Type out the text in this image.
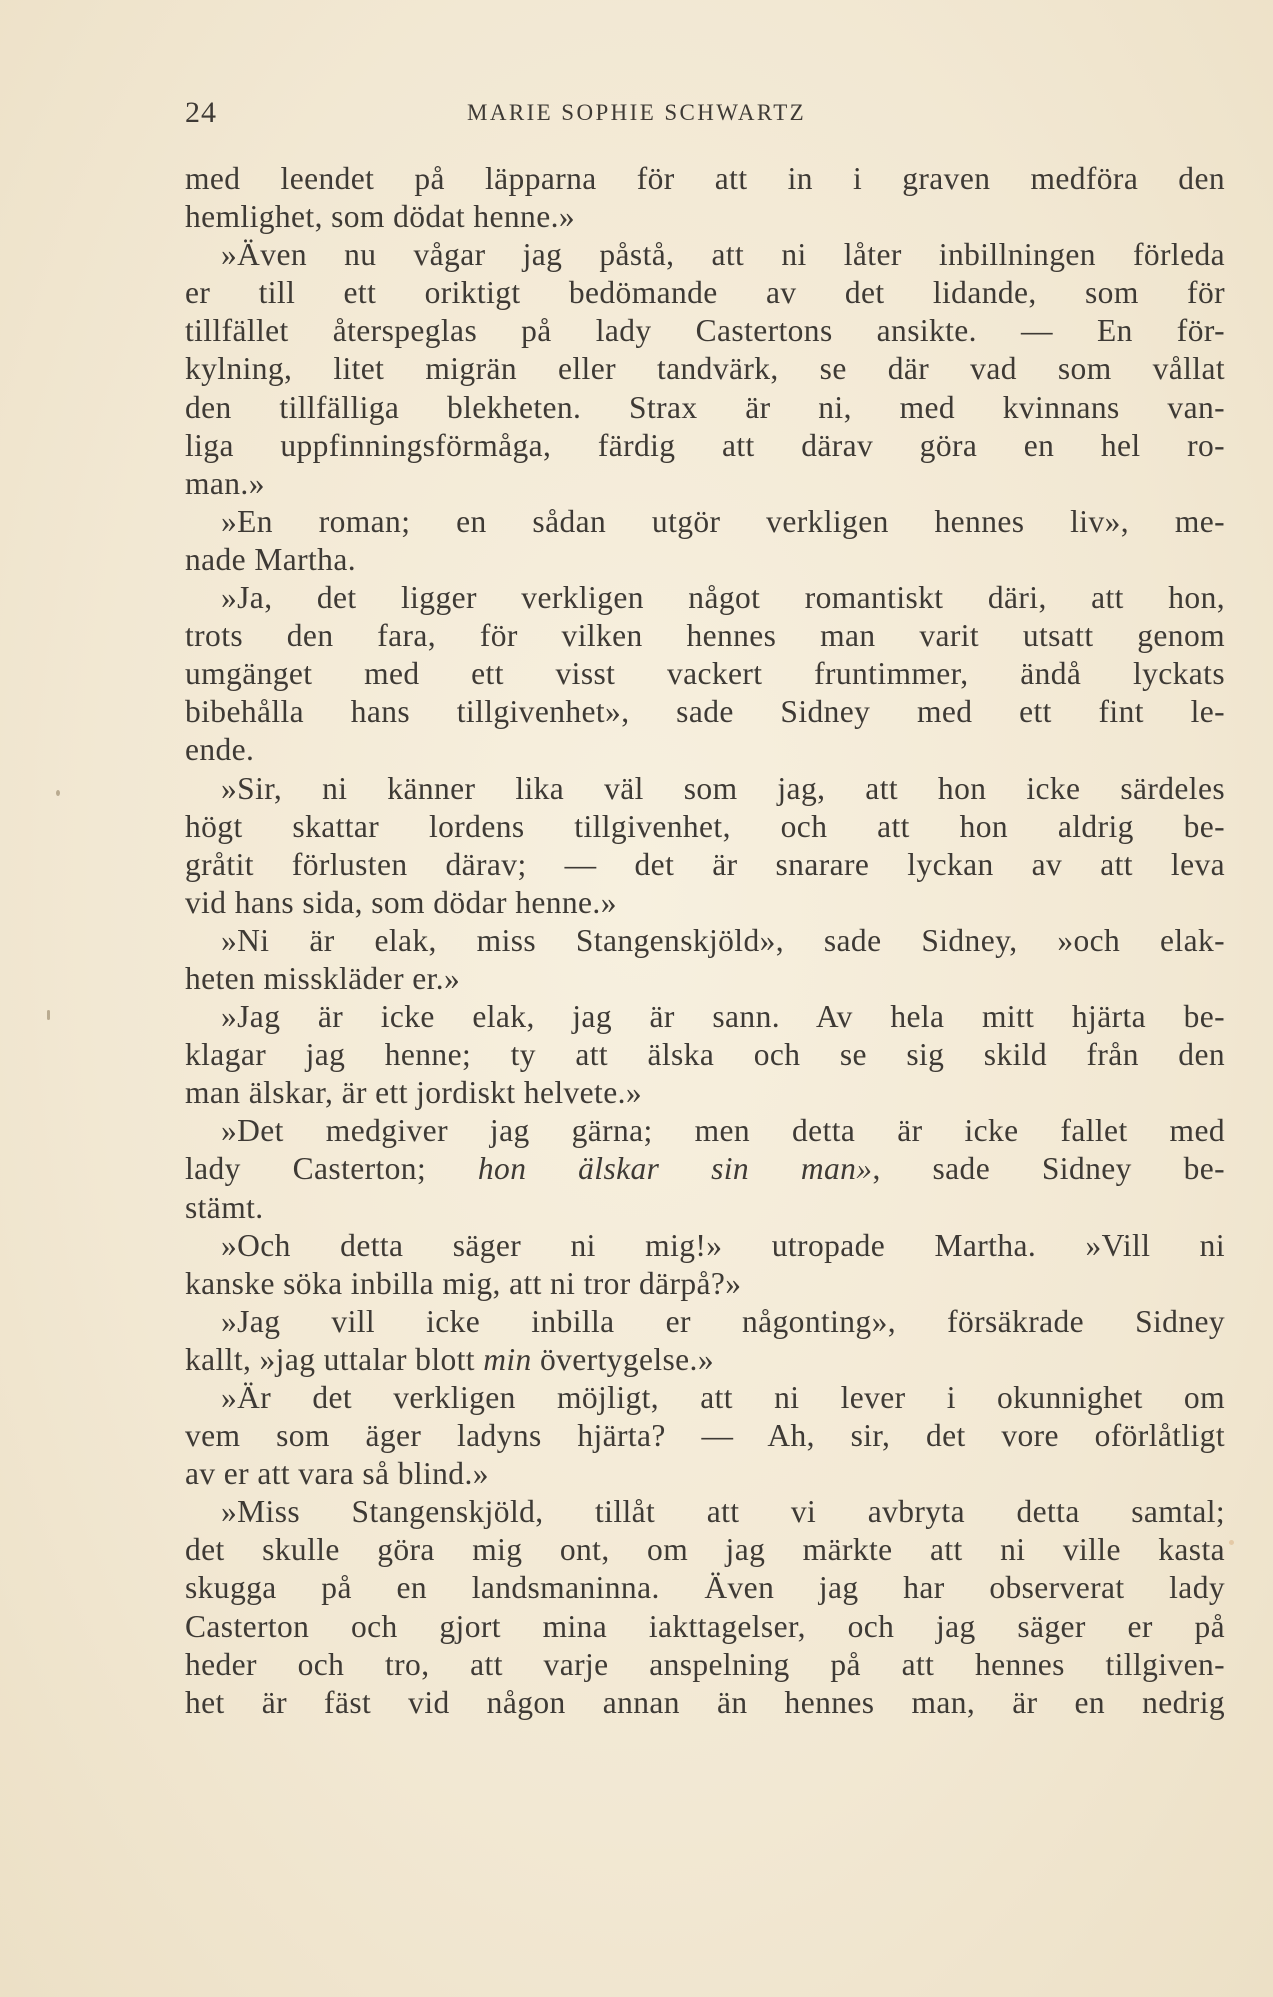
24	MARIE SOPHIE SCHWARTZ
med leendet på läpparna för att in i graven medföra den
hemlighet, som dödat henne.»
»Även nu vågar jag påstå, att ni låter inbillningen förleda
er till ett oriktigt bedömande av det lidande, som för
tillfället återspeglas på lady Castertons ansikte. — En för-
kylning, litet migrän eller tandvärk, se där vad som vållat
den tillfälliga blekheten. Strax är ni, med kvinnans van-
liga uppfinningsförmåga, färdig att därav göra en hel ro-
man.»
»En roman; en sådan utgör verkligen hennes liv», me-
nade Martha.
»Ja, det ligger verkligen något romantiskt däri, att hon,
trots den fara, för vilken hennes man varit utsatt genom
umgänget med ett visst vackert fruntimmer, ändå lyckats
bibehålla hans tillgivenhet», sade Sidney med ett fint le-
ende.
»Sir, ni känner lika väl som jag, att hon icke särdeles
högt skattar lordens tillgivenhet, och att hon aldrig be-
gråtit förlusten därav; — det är snarare lyckan av att leva
vid hans sida, som dödar henne.»
»Ni är elak, miss Stangenskjöld», sade Sidney, »och elak-
heten misskläder er.»
»Jag är icke elak, jag är sann. Av hela mitt hjärta be-
klagar jag henne; ty att älska och se sig skild från den
man älskar, är ett jordiskt helvete.»
»Det medgiver jag gärna; men detta är icke fallet med
lady Casterton; hon älskar sin man», sade Sidney be-
stämt.
»Och detta säger ni mig!» utropade Martha. »Vill ni
kanske söka inbilla mig, att ni tror därpå?»
»Jag vill icke inbilla er någonting», försäkrade Sidney
kallt, »jag uttalar blott min övertygelse.»
»Är det verkligen möjligt, att ni lever i okunnighet om
vem som äger ladyns hjärta? — Ah, sir, det vore oförlåtligt
av er att vara så blind.»
»Miss Stangenskjöld, tillåt att vi avbryta detta samtal;
det skulle göra mig ont, om jag märkte att ni ville kasta
skugga på en landsmaninna. Även jag har observerat lady
Casterton och gjort mina iakttagelser, och jag säger er på
heder och tro, att varje anspelning på att hennes tillgiven-
het är fäst vid någon annan än hennes man, är en nedrig
